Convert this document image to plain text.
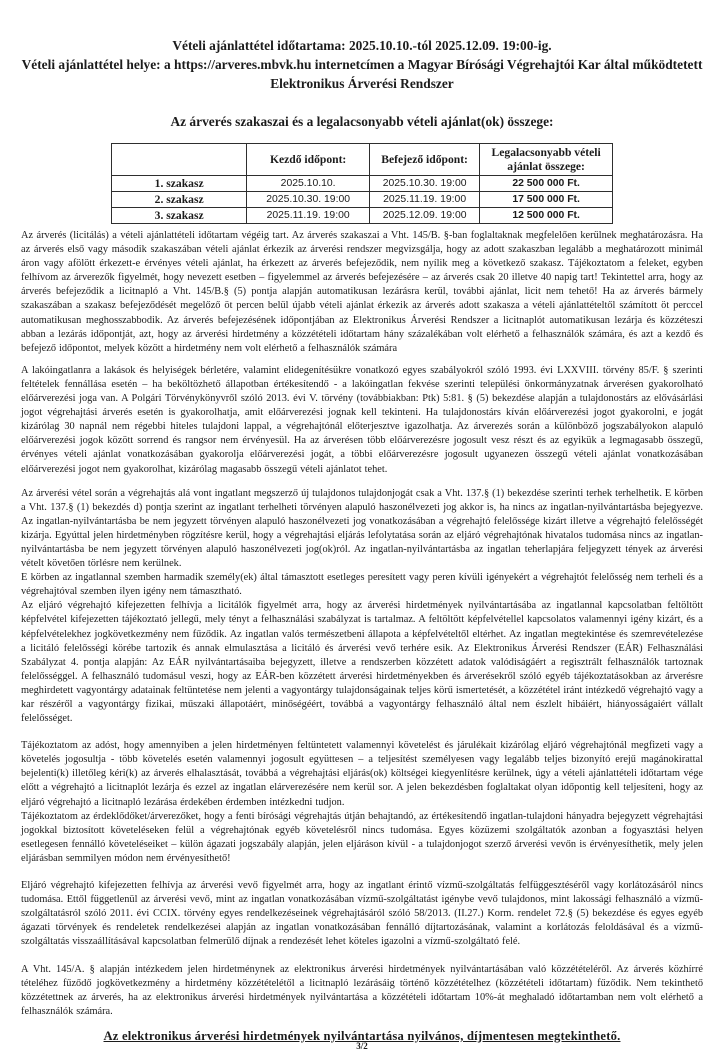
Vételi ajánlattétel időtartama: 2025.10.10.-tól 2025.12.09. 19:00-ig.
Vételi ajánlattétel helye: a https://arveres.mbvk.hu internetcímen a Magyar Bírósági Végrehajtói Kar által működtetett Elektronikus Árverési Rendszer
Az árverés szakaszai és a legalacsonyabb vételi ajánlat(ok) összege:
	Kezdő időpont:	Befejező időpont:	Legalacsonyabb vételi ajánlat összege:
1. szakasz	2025.10.10.	2025.10.30. 19:00	22 500 000 Ft.
2. szakasz	2025.10.30. 19:00	2025.11.19. 19:00	17 500 000 Ft.
3. szakasz	2025.11.19. 19:00	2025.12.09. 19:00	12 500 000 Ft.

Az árverés (licitálás) a vételi ajánlattételi időtartam végéig tart. Az árverés szakaszai a Vht. 145/B. §-ban foglaltaknak megfelelően kerülnek meghatározásra. Ha az árverés első vagy második szakaszában vételi ajánlat érkezik az árverési rendszer megvizsgálja, hogy az adott szakaszban legalább a meghatározott minimál áron vagy afölött érkezett-e érvényes vételi ajánlat, ha érkezett az árverés befejeződik, nem nyílik meg a következő szakasz. Tájékoztatom a feleket, egyben felhívom az árverezők figyelmét, hogy nevezett esetben – figyelemmel az árverés befejezésére – az árverés csak 20 illetve 40 napig tart! Tekintettel arra, hogy az árverés befejeződik a licitnapló a Vht. 145/B.§ (5) pontja alapján automatikusan lezárásra kerül, további ajánlat, licit nem tehető! Ha az árverés bármely szakaszában a szakasz befejeződését megelőző öt percen belül újabb vételi ajánlat érkezik az árverés adott szakasza a vételi ajánlattételtől számított öt perccel automatikusan meghosszabbodik. Az árverés befejezésének időpontjában az Elektronikus Árverési Rendszer a licitnaplót automatikusan lezárja és közzéteszi abban a lezárás időpontját, azt, hogy az árverési hirdetmény a közzétételi időtartam hány százalékában volt elérhető a felhasználók számára, és azt a kezdő és befejező időpontot, melyek között a hirdetmény nem volt elérhető a felhasználók számára

A lakóingatlanra a lakások és helyiségek bérletére, valamint elidegenítésükre vonatkozó egyes szabályokról szóló 1993. évi LXXVIII. törvény 85/F. § szerinti feltételek fennállása esetén – ha beköltözhető állapotban értékesítendő - a lakóingatlan fekvése szerinti települési önkormányzatnak árverésen gyakorolható előárverezési joga van. A Polgári Törvénykönyvről szóló 2013. évi V. törvény (továbbiakban: Ptk) 5:81. § (5) bekezdése alapján a tulajdonostárs az elővásárlási jogot végrehajtási árverés esetén is gyakorolhatja, amit előárverezési jognak kell tekinteni. Ha tulajdonostárs kíván előárverezési jogot gyakorolni, e jogát kizárólag 30 napnál nem régebbi hiteles tulajdoni lappal, a végrehajtónál előterjesztve igazolhatja. Az árverezés során a különböző jogszabályokon alapuló előárverezési jogok között sorrend és rangsor nem érvényesül. Ha az árverésen több előárverezésre jogosult vesz részt és az egyikük a legmagasabb összegű, érvényes vételi ajánlat vonatkozásában gyakorolja előárverezési jogát, a többi előárverezésre jogosult ugyanezen összegű vételi ajánlat vonatkozásában előárverezési jogot nem gyakorolhat, kizárólag magasabb összegű vételi ajánlatot tehet.

Az árverési vétel során a végrehajtás alá vont ingatlant megszerző új tulajdonos tulajdonjogát csak a Vht. 137.§ (1) bekezdése szerinti terhek terhelhetik. E körben a Vht. 137.§ (1) bekezdés d) pontja szerint az ingatlant terhelheti törvényen alapuló haszonélvezeti jog akkor is, ha nincs az ingatlan-nyilvántartásba bejegyezve. Az ingatlan-nyilvántartásba be nem jegyzett törvényen alapuló haszonélvezeti jog vonatkozásában a végrehajtó felelőssége kizárt illetve a végrehajtó felelősségét kizárja. Egyúttal jelen hirdetményben rögzítésre kerül, hogy a végrehajtási eljárás lefolytatása során az eljáró végrehajtónak hivatalos tudomása nincs az ingatlan-nyilvántartásba be nem jegyzett törvényen alapuló haszonélvezeti jog(ok)ról. Az ingatlan-nyilvántartásba az ingatlan teherlapjára feljegyzett tények az árverési vételt követően törlésre nem kerülnek.

E körben az ingatlannal szemben harmadik személy(ek) által támasztott esetleges peresített vagy peren kívüli igényekért a végrehajtót felelősség nem terheli és a végrehajtóval szemben ilyen igény nem támasztható.

Az eljáró végrehajtó kifejezetten felhívja a licitálók figyelmét arra, hogy az árverési hirdetmények nyilvántartásába az ingatlannal kapcsolatban feltöltött képfelvétel kifejezetten tájékoztató jellegű, mely tényt a felhasználási szabályzat is tartalmaz. A feltöltött képfelvétellel kapcsolatos valamennyi igény kizárt, és a képfelvételekhez jogkövetkezmény nem fűződik. Az ingatlan valós természetbeni állapota a képfelvételtől eltérhet. Az ingatlan megtekintése és szemrevételezése a licitáló felelősségi körébe tartozik és annak elmulasztása a licitáló és árverési vevő terhére esik. Az Elektronikus Árverési Rendszer (EÁR) Felhasználási Szabályzat 4. pontja alapján: Az EÁR nyilvántartásaiba bejegyzett, illetve a rendszerben közzétett adatok valódiságáért a regisztrált felhasználók tartoznak felelősséggel. A felhasználó tudomásul veszi, hogy az EÁR-ben közzétett árverési hirdetményekben és árverésekről szóló egyéb tájékoztatásokban az árverésre meghirdetett vagyontárgy adatainak feltüntetése nem jelenti a vagyontárgy tulajdonságainak teljes körű ismertetését, a közzététel iránt intézkedő végrehajtó vagy a kar részéről a vagyontárgy fizikai, műszaki állapotáért, minőségéért, továbbá a vagyontárgy felhasználó által nem észlelt hibáiért, hiányosságaiért vállalt felelősséget.

Tájékoztatom az adóst, hogy amennyiben a jelen hirdetményen feltüntetett valamennyi követelést és járulékait kizárólag eljáró végrehajtónál megfizeti vagy a követelés jogosultja - több követelés esetén valamennyi jogosult együttesen – a teljesítést személyesen vagy legalább teljes bizonyító erejű magánokirattal bejelenti(k) illetőleg kéri(k) az árverés elhalasztását, továbbá a végrehajtási eljárás(ok) költségei kiegyenlítésre kerülnek, úgy a vételi ajánlattételi időtartam vége előtt a végrehajtó a licitnaplót lezárja és ezzel az ingatlan elárverezésére nem kerül sor. A jelen bekezdésben foglaltakat olyan időpontig kell teljesíteni, hogy az eljáró végrehajtó a licitnapló lezárása érdekében érdemben intézkedni tudjon.

Tájékoztatom az érdeklődőket/árverezőket, hogy a fenti bírósági végrehajtás útján behajtandó, az értékesítendő ingatlan-tulajdoni hányadra bejegyzett végrehajtási jogokkal biztosított követeléseken felül a végrehajtónak egyéb követelésről nincs tudomása. Egyes közüzemi szolgáltatók azonban a fogyasztási helyen esetlegesen fennálló követeléseiket – külön ágazati jogszabály alapján, jelen eljáráson kívül - a tulajdonjogot szerző árverési vevőn is érvényesíthetik, mely jelen eljárásban semmilyen módon nem érvényesíthető!

Eljáró végrehajtó kifejezetten felhívja az árverési vevő figyelmét arra, hogy az ingatlant érintő vízmű-szolgáltatás felfüggesztéséről vagy korlátozásáról nincs tudomása. Ettől függetlenül az árverési vevő, mint az ingatlan vonatkozásában vízmű-szolgáltatást igénybe vevő tulajdonos, mint lakossági felhasználó a vízmű-szolgáltatásról szóló 2011. évi CCIX. törvény egyes rendelkezéseinek végrehajtásáról szóló 58/2013. (II.27.) Korm. rendelet 72.§ (5) bekezdése és egyes egyéb ágazati törvények és rendeletek rendelkezései alapján az ingatlan vonatkozásában fennálló díjtartozásának, valamint a korlátozás feloldásával és a vízmű-szolgáltatás visszaállításával kapcsolatban felmerülő díjnak a rendezését lehet köteles igazolni a vízmű-szolgáltató felé.

A Vht. 145/A. § alapján intézkedem jelen hirdetménynek az elektronikus árverési hirdetmények nyilvántartásában való közzétételéről. Az árverés közhírré tételéhez fűződő jogkövetkezmény a hirdetmény közzétételétől a licitnapló lezárásáig történő közzétételhez (közzétételi időtartam) fűződik. Nem tekinthető közzétettnek az árverés, ha az elektronikus árverési hirdetmények nyilvántartása a közzétételi időtartam 10%-át meghaladó időtartamban nem volt elérhető a felhasználók számára.

Az elektronikus árverési hirdetmények nyilvántartása nyilvános, díjmentesen megtekinthető.
3/2
